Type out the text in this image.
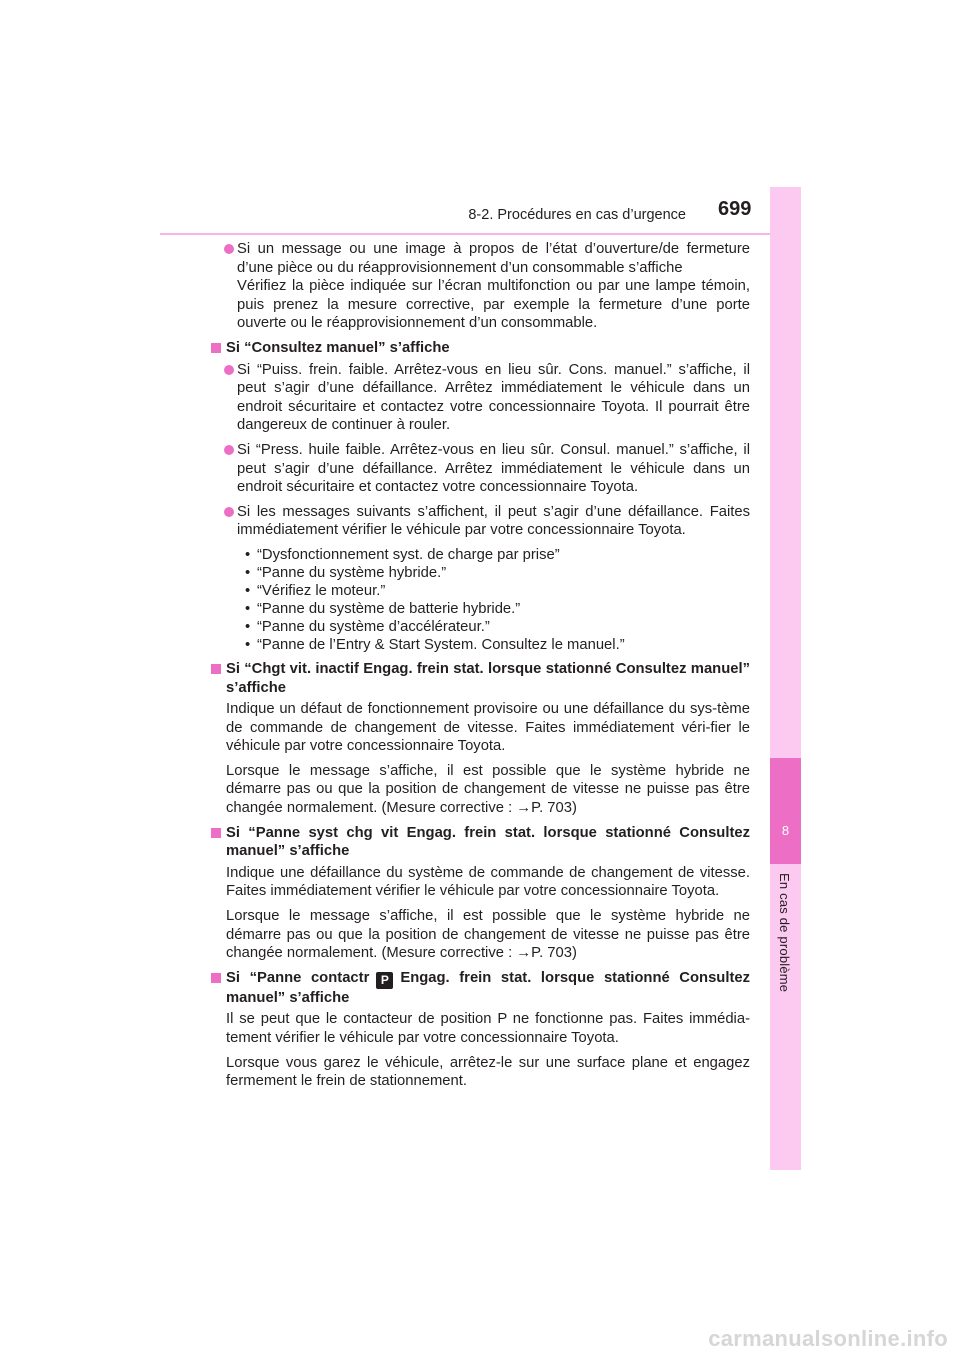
8-2. Procédures en cas d’urgence 699
8
En cas de problème
Si un message ou une image à propos de l’état d’ouverture/de fermeture d’une pièce ou du réapprovisionnement d’un consommable s’affiche
Vérifiez la pièce indiquée sur l’écran multifonction ou par une lampe témoin, puis prenez la mesure corrective, par exemple la fermeture d’une porte ouverte ou le réapprovisionnement d’un consommable.
Si “Consultez manuel” s’affiche
Si “Puiss. frein. faible. Arrêtez-vous en lieu sûr. Cons. manuel.” s’affiche, il peut s’agir d’une défaillance. Arrêtez immédiatement le véhicule dans un endroit sécuritaire et contactez votre concessionnaire Toyota. Il pourrait être dangereux de continuer à rouler.
Si “Press. huile faible. Arrêtez-vous en lieu sûr. Consul. manuel.” s’affiche, il peut s’agir d’une défaillance. Arrêtez immédiatement le véhicule dans un endroit sécuritaire et contactez votre concessionnaire Toyota.
Si les messages suivants s’affichent, il peut s’agir d’une défaillance. Faites immédiatement vérifier le véhicule par votre concessionnaire Toyota.
• “Dysfonctionnement syst. de charge par prise”
• “Panne du système hybride.”
• “Vérifiez le moteur.”
• “Panne du système de batterie hybride.”
• “Panne du système d’accélérateur.”
• “Panne de l’Entry & Start System. Consultez le manuel.”
Si “Chgt vit. inactif Engag. frein stat. lorsque stationné Consultez manuel” s’affiche
Indique un défaut de fonctionnement provisoire ou une défaillance du sys-tème de commande de changement de vitesse. Faites immédiatement véri-fier le véhicule par votre concessionnaire Toyota.
Lorsque le message s’affiche, il est possible que le système hybride ne démarre pas ou que la position de changement de vitesse ne puisse pas être changée normalement. (Mesure corrective : →P. 703)
Si “Panne syst chg vit Engag. frein stat. lorsque stationné Consultez manuel” s’affiche
Indique une défaillance du système de commande de changement de vitesse. Faites immédiatement vérifier le véhicule par votre concessionnaire Toyota.
Lorsque le message s’affiche, il est possible que le système hybride ne démarre pas ou que la position de changement de vitesse ne puisse pas être changée normalement. (Mesure corrective : →P. 703)
Si “Panne contactr P Engag. frein stat. lorsque stationné Consultez manuel” s’affiche
Il se peut que le contacteur de position P ne fonctionne pas. Faites immédia-tement vérifier le véhicule par votre concessionnaire Toyota.
Lorsque vous garez le véhicule, arrêtez-le sur une surface plane et engagez fermement le frein de stationnement.
carmanualsonline.info
